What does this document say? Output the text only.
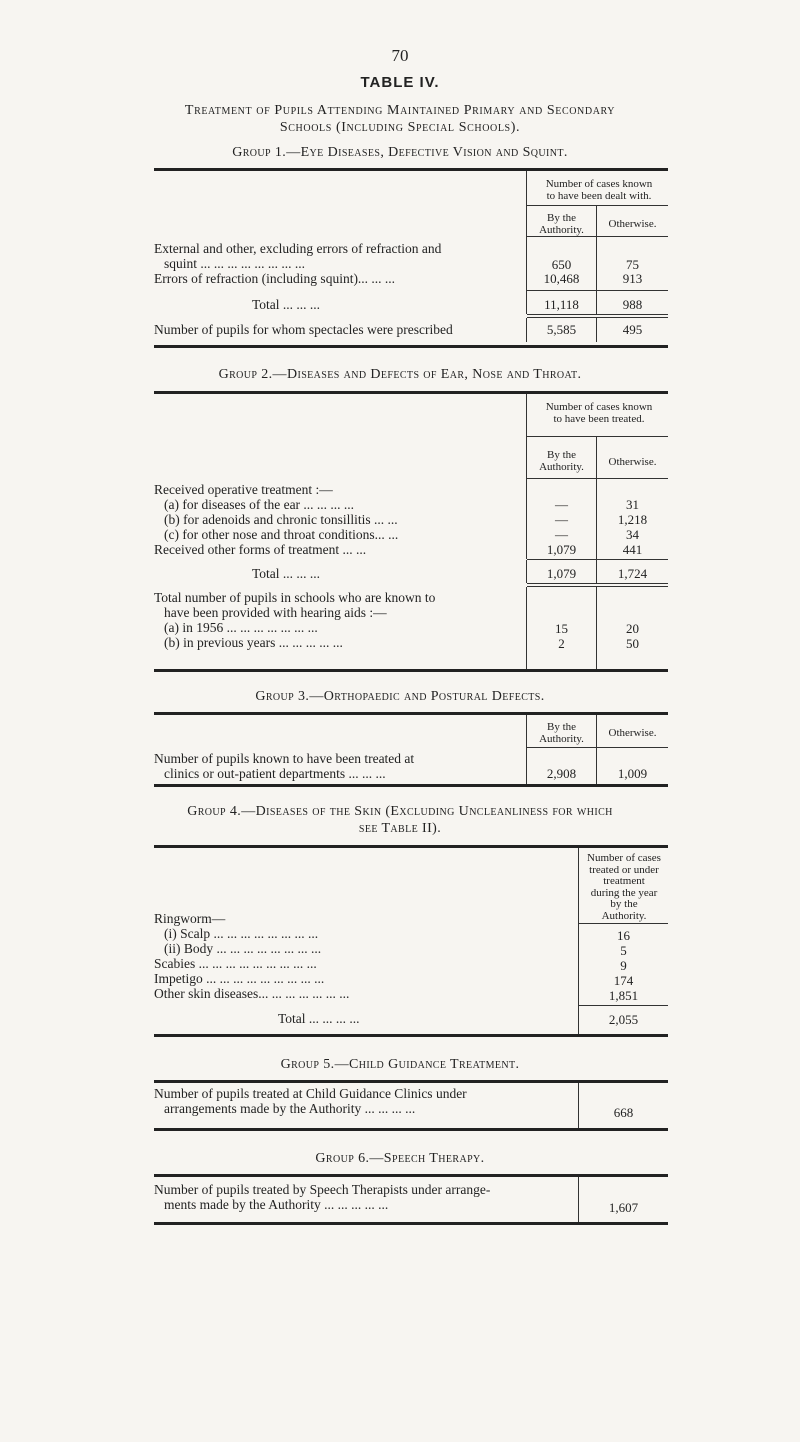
70
TABLE IV.
Treatment of Pupils Attending Maintained Primary and Secondary
Schools (Including Special Schools).
Group 1.—Eye Diseases, Defective Vision and Squint.
Number of cases known
to have been dealt with.
By the
Authority.	Otherwise.
External and other, excluding errors of refraction and
squint ... ... ... ... ... ... ... ...	650	75
Errors of refraction (including squint)... ... ...	10,468	913
Total ... ... ...	11,118	988
Number of pupils for whom spectacles were prescribed	5,585	495
Group 2.—Diseases and Defects of Ear, Nose and Throat.
Number of cases known
to have been treated.
By the
Authority.	Otherwise.
Received operative treatment :—
(a) for diseases of the ear ... ... ... ...	—	31
(b) for adenoids and chronic tonsillitis ... ...	—	1,218
(c) for other nose and throat conditions... ...	—	34
Received other forms of treatment ... ...	1,079	441
Total ... ... ...	1,079	1,724
Total number of pupils in schools who are known to
have been provided with hearing aids :—
(a) in 1956 ... ... ... ... ... ... ...	15	20
(b) in previous years ... ... ... ... ...	2	50
Group 3.—Orthopaedic and Postural Defects.
By the
Authority.	Otherwise.
Number of pupils known to have been treated at
clinics or out-patient departments ... ... ...	2,908	1,009
Group 4.—Diseases of the Skin (Excluding Uncleanliness for which
see Table II).
Number of cases
treated or under
treatment
during the year
by the
Authority.
Ringworm—
(i) Scalp ... ... ... ... ... ... ... ...	16
(ii) Body ... ... ... ... ... ... ... ...	5
Scabies ... ... ... ... ... ... ... ... ...	9
Impetigo ... ... ... ... ... ... ... ... ...	174
Other skin diseases... ... ... ... ... ... ...	1,851
Total ... ... ... ...	2,055
Group 5.—Child Guidance Treatment.
Number of pupils treated at Child Guidance Clinics under
arrangements made by the Authority ... ... ... ...	668
Group 6.—Speech Therapy.
Number of pupils treated by Speech Therapists under arrange-
ments made by the Authority ... ... ... ... ...	1,607
